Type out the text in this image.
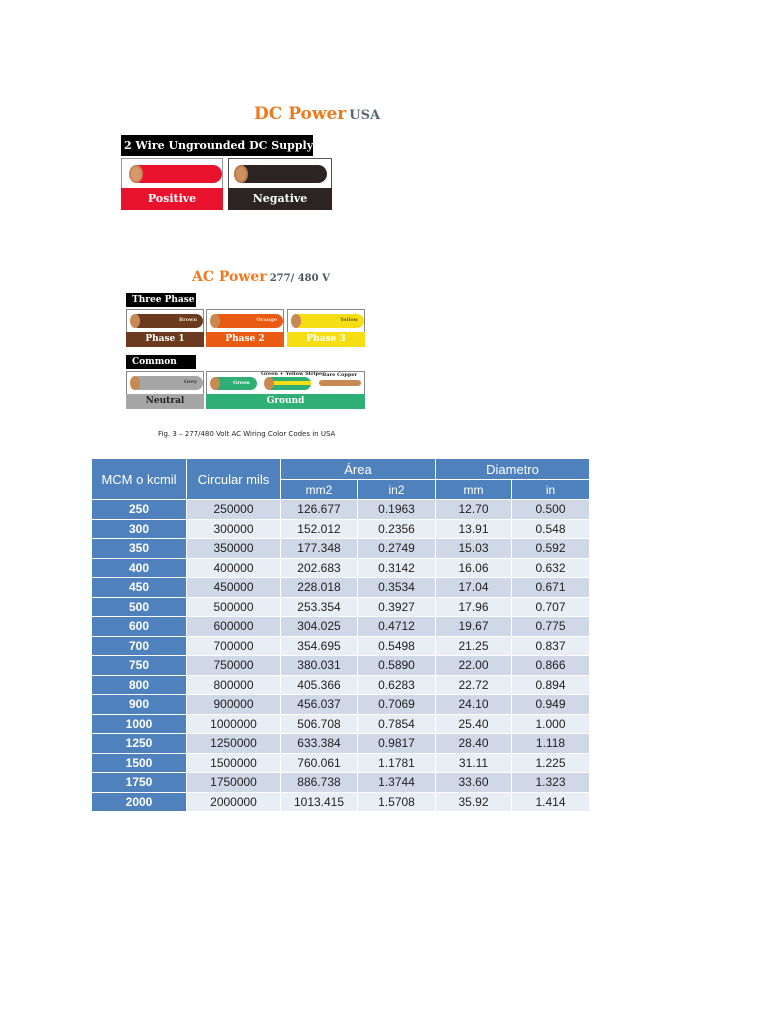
DC Power USA
2 Wire Ungrounded DC Supply
Positive	Negative
AC Power 277/ 480 V
Three Phase
Brown
Phase 1
Orange
Phase 2
Yellow
Phase 3
Common
Grey
Neutral
Green
Green + Yellow Stripe Bare Copper
Ground
Fig. 3 – 277/480 Volt AC Wiring Color Codes in USA
MCM o kcmil	Circular mils	Área		Diametro	
		mm2	in2	mm	in
250	250000	126.677	0.1963	12.70	0.500
300	300000	152.012	0.2356	13.91	0.548
350	350000	177.348	0.2749	15.03	0.592
400	400000	202.683	0.3142	16.06	0.632
450	450000	228.018	0.3534	17.04	0.671
500	500000	253.354	0.3927	17.96	0.707
600	600000	304.025	0.4712	19.67	0.775
700	700000	354.695	0.5498	21.25	0.837
750	750000	380.031	0.5890	22.00	0.866
800	800000	405.366	0.6283	22.72	0.894
900	900000	456.037	0.7069	24.10	0.949
1000	1000000	506.708	0.7854	25.40	1.000
1250	1250000	633.384	0.9817	28.40	1.118
1500	1500000	760.061	1.1781	31.11	1.225
1750	1750000	886.738	1.3744	33.60	1.323
2000	2000000	1013.415	1.5708	35.92	1.414
